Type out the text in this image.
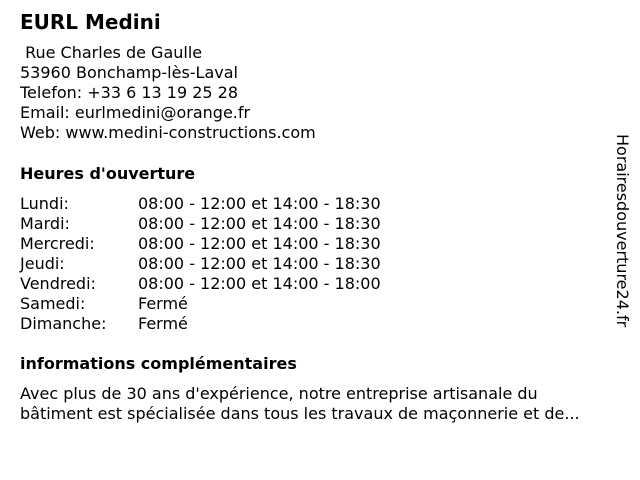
EURL Medini
Rue Charles de Gaulle
53960 Bonchamp-lès-Laval
Telefon: +33 6 13 19 25 28
Email: eurlmedini@orange.fr
Web: www.medini-constructions.com
Heures d'ouverture
Lundi:	08:00 - 12:00 et 14:00 - 18:30
Mardi:	08:00 - 12:00 et 14:00 - 18:30
Mercredi:	08:00 - 12:00 et 14:00 - 18:30
Jeudi:	08:00 - 12:00 et 14:00 - 18:30
Vendredi:	08:00 - 12:00 et 14:00 - 18:00
Samedi:	Fermé
Dimanche: Fermé
informations complémentaires
Avec plus de 30 ans d'expérience, notre entreprise artisanale du
bâtiment est spécialisée dans tous les travaux de maçonnerie et de...
Horairesdouverture24.fr
